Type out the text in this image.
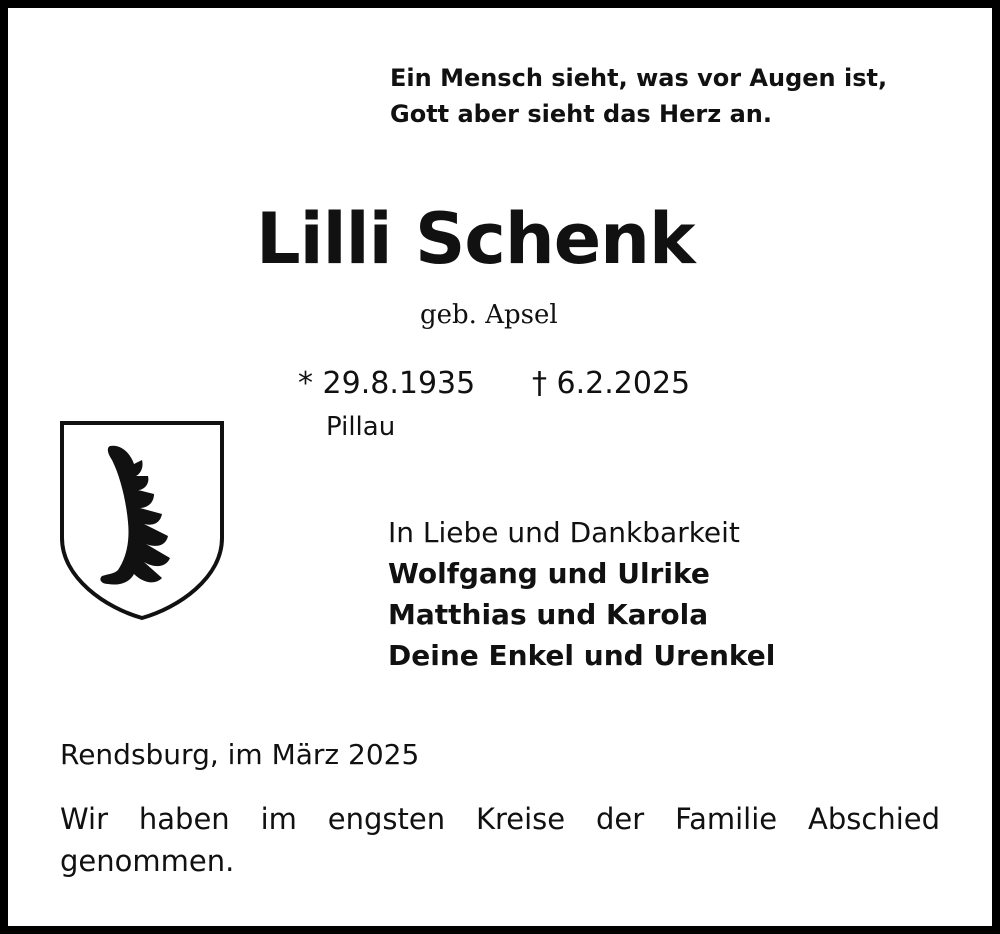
Ein Mensch sieht, was vor Augen ist,
Gott aber sieht das Herz an.
Lilli Schenk
geb. Apsel
* 29.8.1935 † 6.2.2025
Pillau
In Liebe und Dankbarkeit
Wolfgang und Ulrike
Matthias und Karola
Deine Enkel und Urenkel
Rendsburg, im März 2025
Wir haben im engsten Kreise der Familie Abschied genommen.
